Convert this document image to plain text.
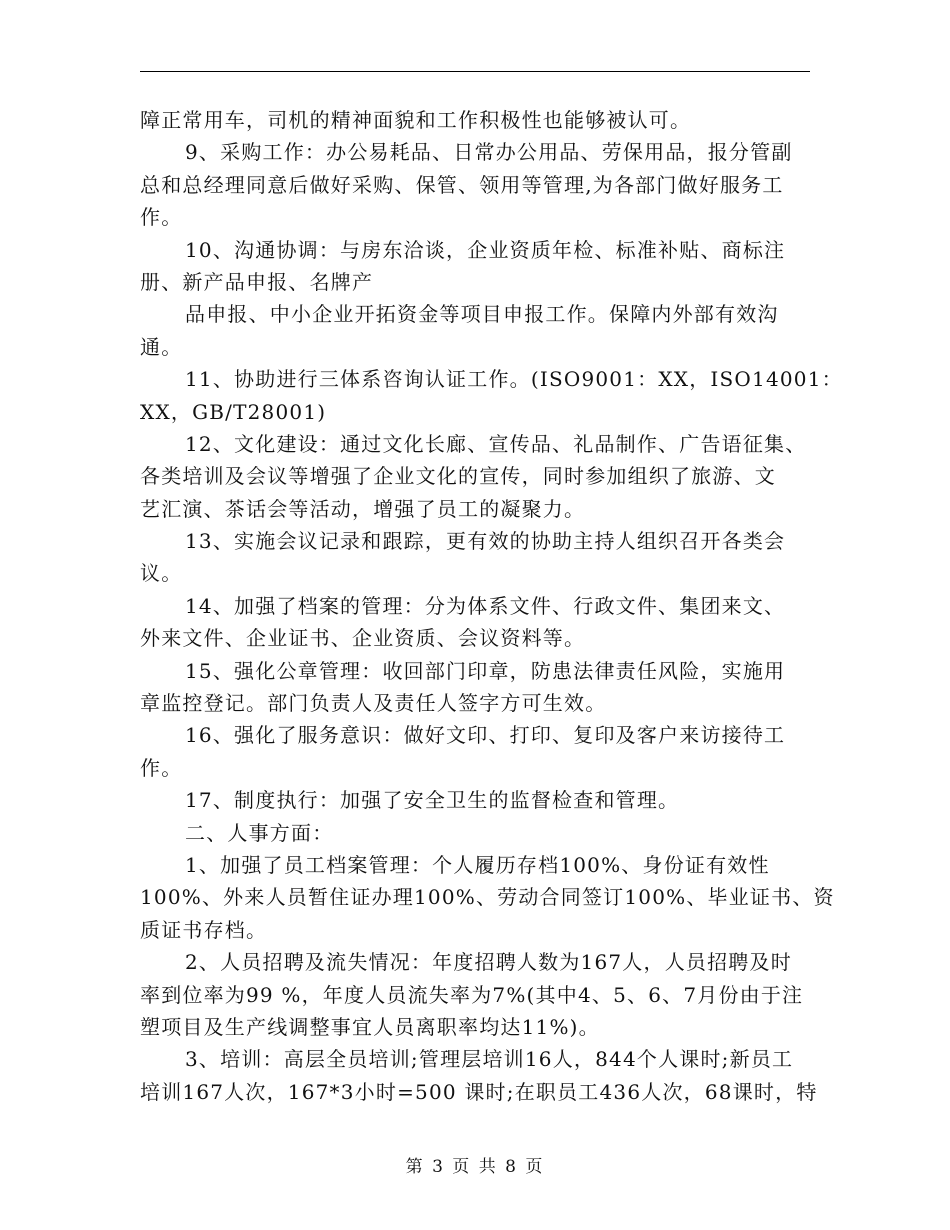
障正常用车，司机的精神面貌和工作积极性也能够被认可。
9、采购工作：办公易耗品、日常办公用品、劳保用品，报分管副
总和总经理同意后做好采购、保管、领用等管理,为各部门做好服务工
作。
10、沟通协调：与房东洽谈，企业资质年检、标准补贴、商标注
册、新产品申报、名牌产
品申报、中小企业开拓资金等项目申报工作。保障内外部有效沟
通。
11、协助进行三体系咨询认证工作。(ISO9001：XX，ISO14001：
XX，GB/T28001)
12、文化建设：通过文化长廊、宣传品、礼品制作、广告语征集、
各类培训及会议等增强了企业文化的宣传，同时参加组织了旅游、文
艺汇演、茶话会等活动，增强了员工的凝聚力。
13、实施会议记录和跟踪，更有效的协助主持人组织召开各类会
议。
14、加强了档案的管理：分为体系文件、行政文件、集团来文、
外来文件、企业证书、企业资质、会议资料等。
15、强化公章管理：收回部门印章，防患法律责任风险，实施用
章监控登记。部门负责人及责任人签字方可生效。
16、强化了服务意识：做好文印、打印、复印及客户来访接待工
作。
17、制度执行：加强了安全卫生的监督检查和管理。
二、人事方面：
1、加强了员工档案管理：个人履历存档100%、身份证有效性
100%、外来人员暂住证办理100%、劳动合同签订100%、毕业证书、资
质证书存档。
2、人员招聘及流失情况：年度招聘人数为167人，人员招聘及时
率到位率为99 %，年度人员流失率为7%(其中4、5、6、7月份由于注
塑项目及生产线调整事宜人员离职率均达11%)。
3、培训：高层全员培训;管理层培训16人，844个人课时;新员工
培训167人次，167*3小时=500 课时;在职员工436人次，68课时，特
第 3 页 共 8 页
